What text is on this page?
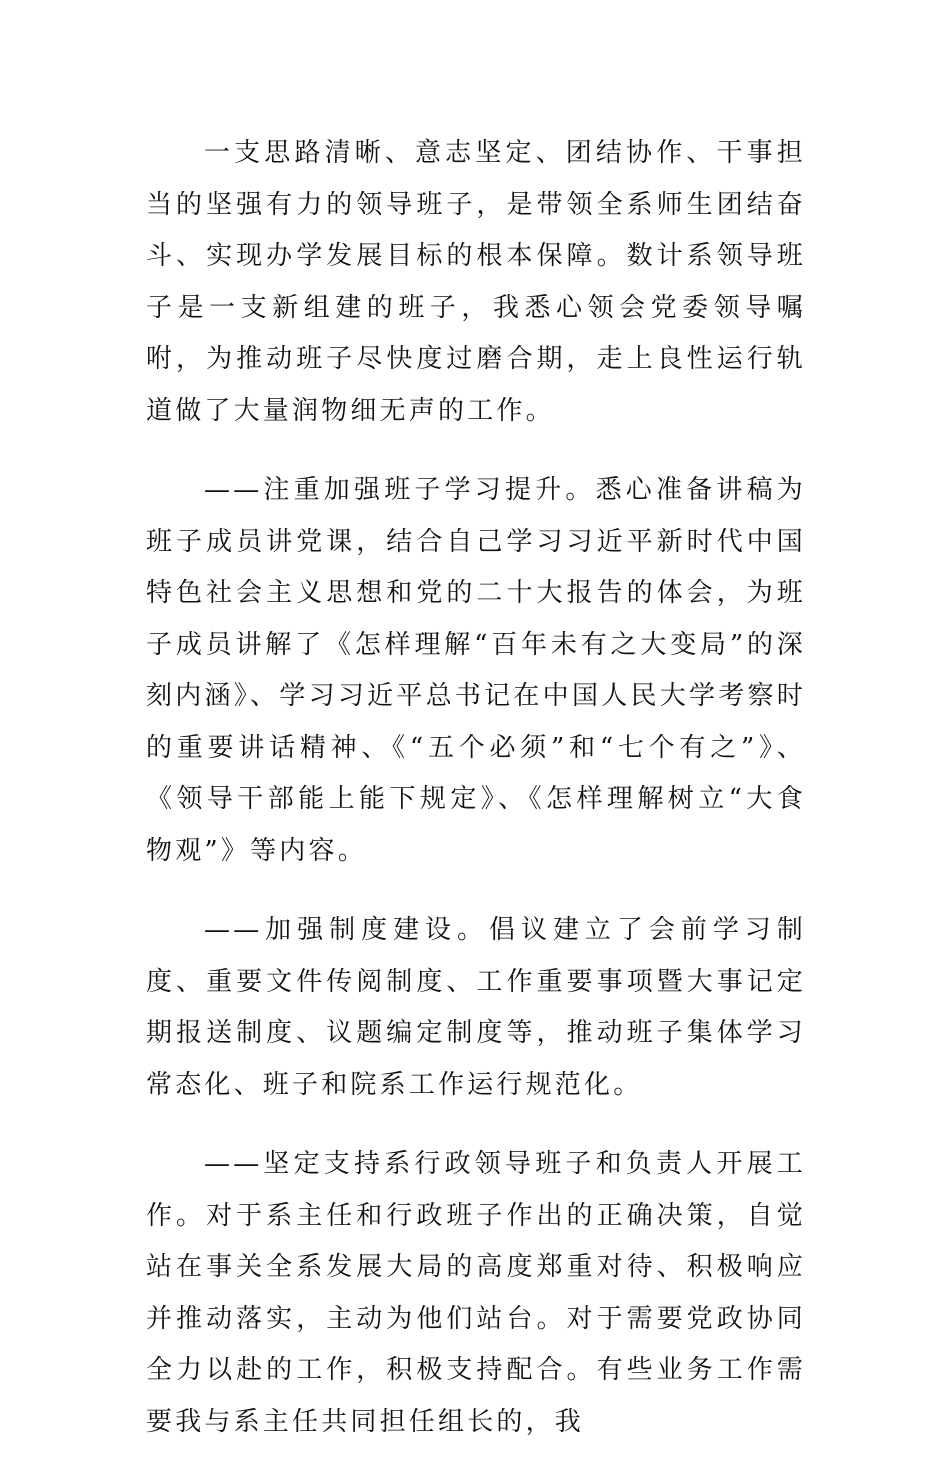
一支思路清晰、意志坚定、团结协作、干事担当的坚强有力的领导班子，是带领全系师生团结奋斗、实现办学发展目标的根本保障。数计系领导班子是一支新组建的班子，我悉心领会党委领导嘱咐，为推动班子尽快度过磨合期，走上良性运行轨道做了大量润物细无声的工作。

——注重加强班子学习提升。悉心准备讲稿为班子成员讲党课，结合自己学习习近平新时代中国特色社会主义思想和党的二十大报告的体会，为班子成员讲解了《怎样理解“百年未有之大变局”的深刻内涵》、学习习近平总书记在中国人民大学考察时的重要讲话精神、《“五个必须”和“七个有之”》、《领导干部能上能下规定》、《怎样理解树立“大食物观”》等内容。

——加强制度建设。倡议建立了会前学习制度、重要文件传阅制度、工作重要事项暨大事记定期报送制度、议题编定制度等，推动班子集体学习常态化、班子和院系工作运行规范化。

——坚定支持系行政领导班子和负责人开展工作。对于系主任和行政班子作出的正确决策，自觉站在事关全系发展大局的高度郑重对待、积极响应并推动落实，主动为他们站台。对于需要党政协同全力以赴的工作，积极支持配合。有些业务工作需要我与系主任共同担任组长的，我
